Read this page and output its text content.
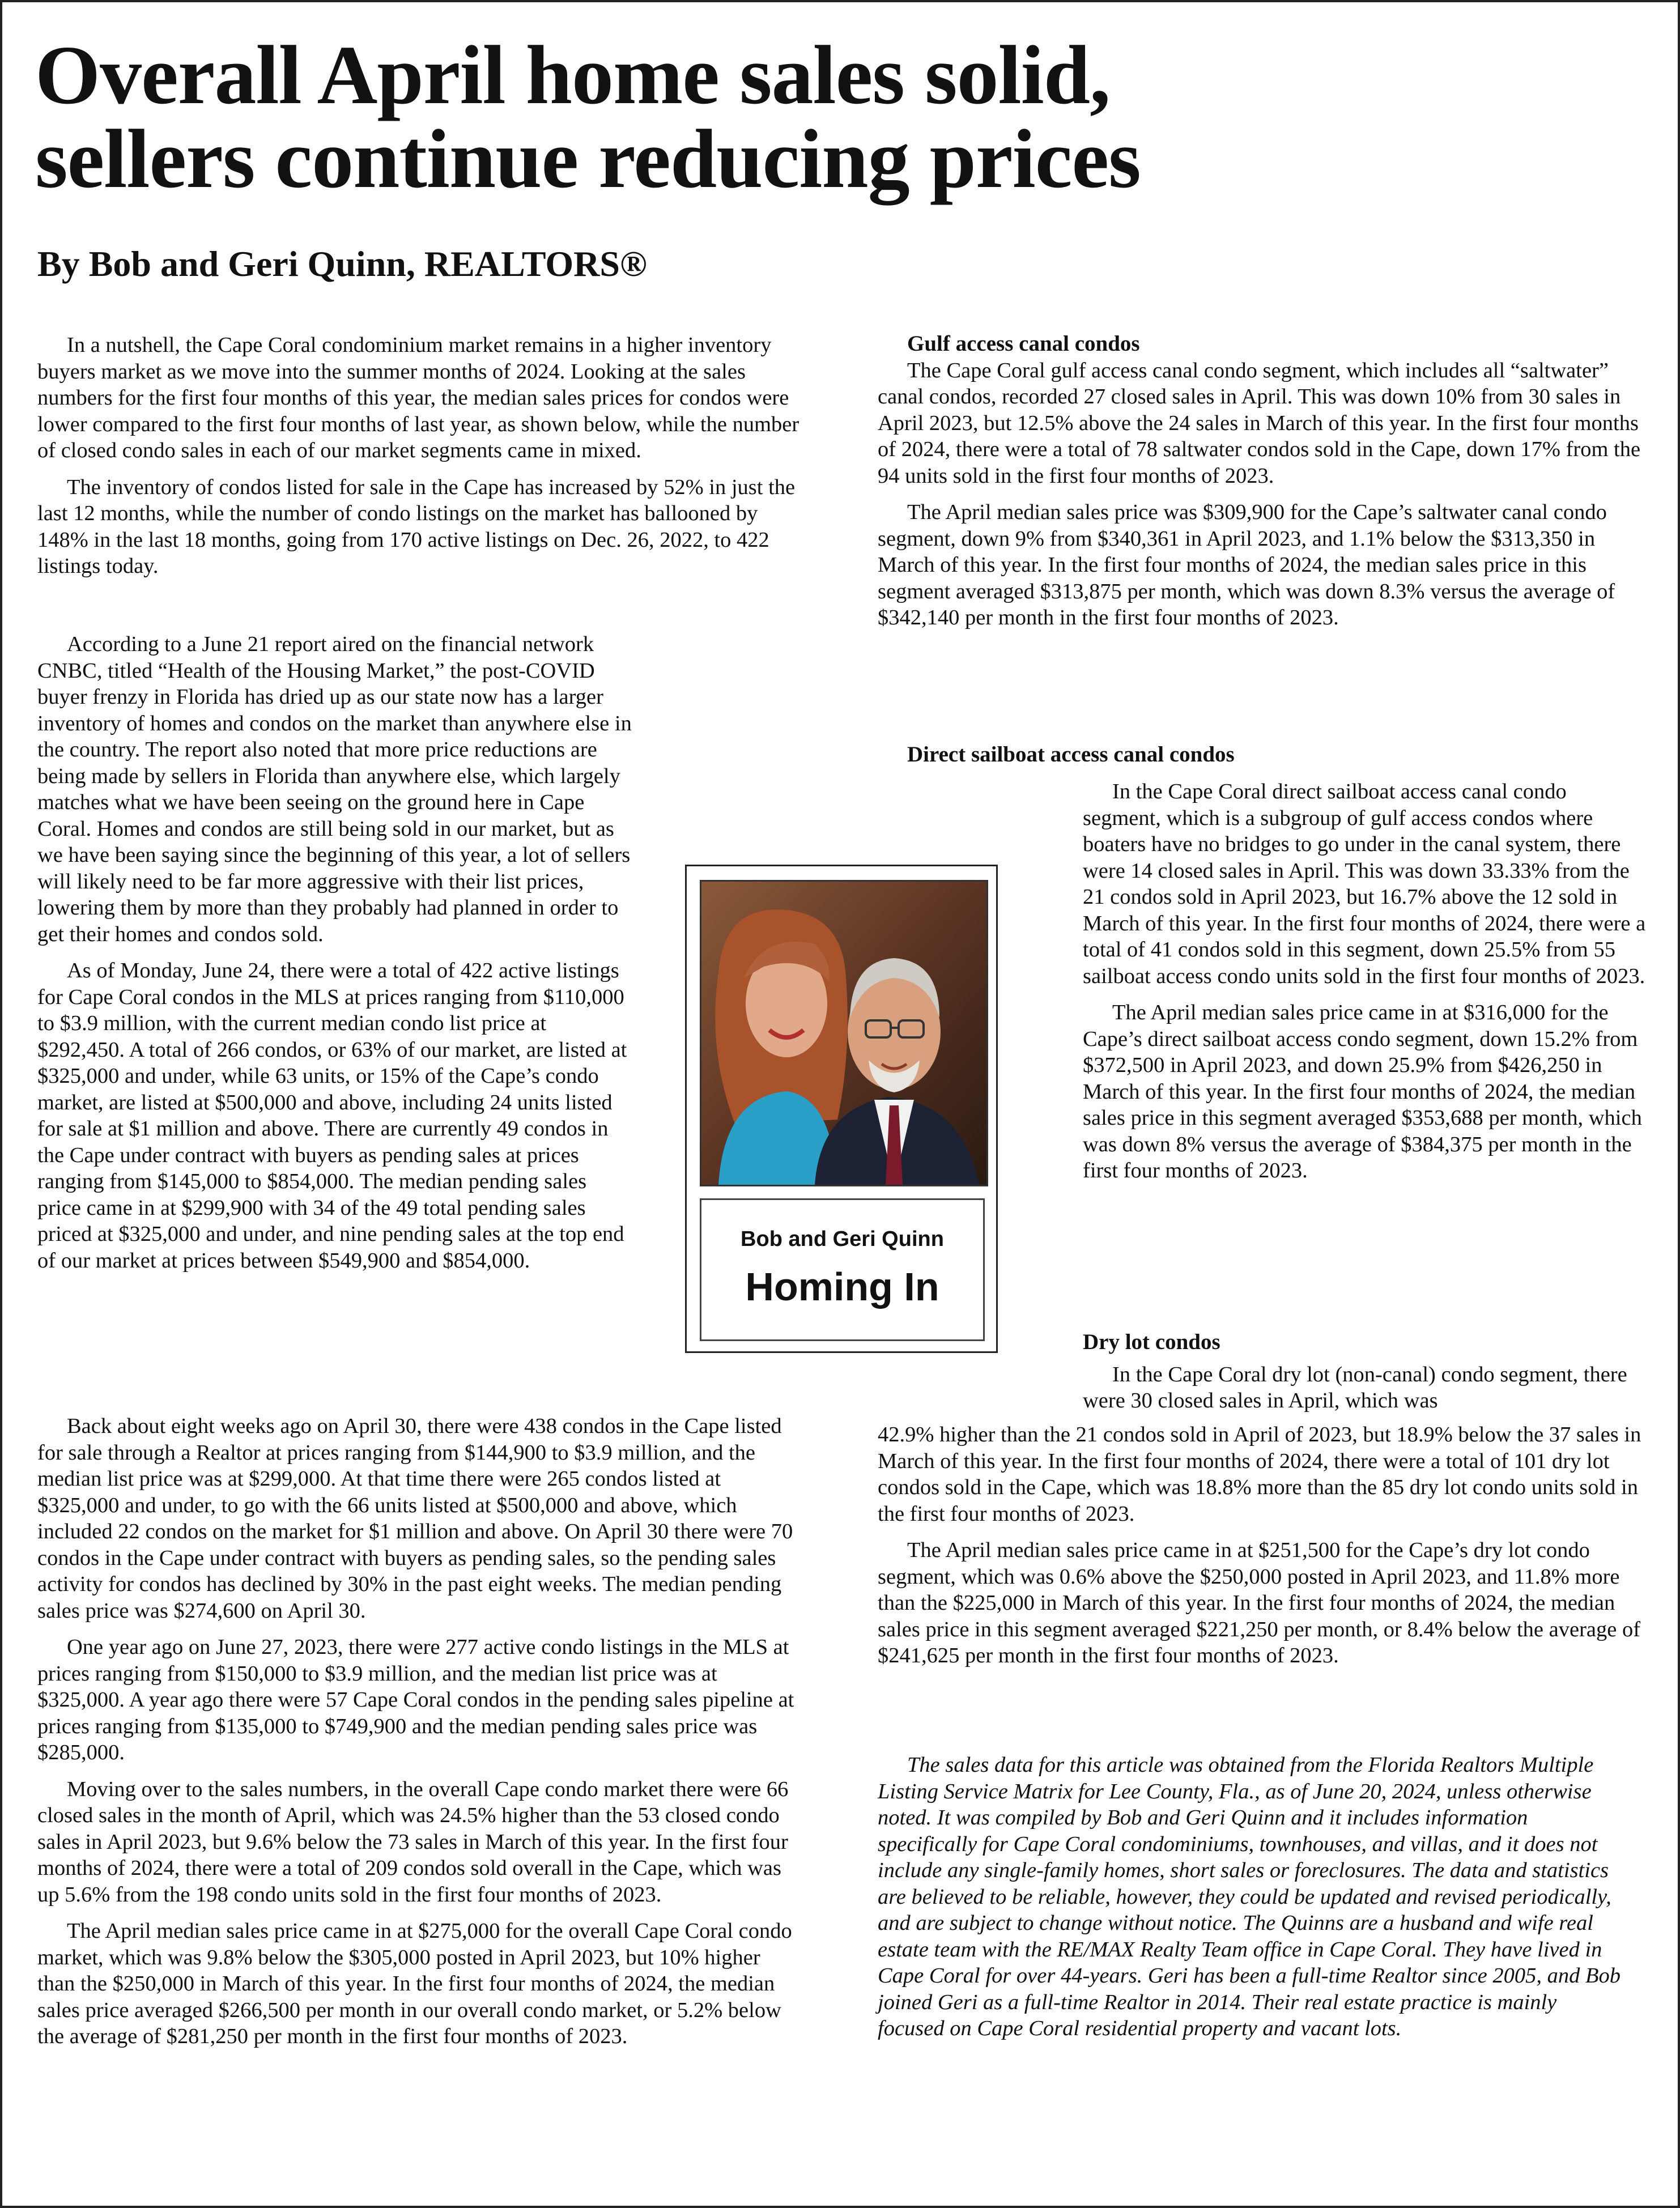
Overall April home sales solid,
sellers continue reducing prices
By Bob and Geri Quinn, REALTORS®

In a nutshell, the Cape Coral condominium market remains in a higher inventory buyers market as we move into the summer months of 2024. Looking at the sales numbers for the first four months of this year, the median sales prices for condos were lower compared to the first four months of last year, as shown below, while the number of closed condo sales in each of our market segments came in mixed.

The inventory of condos listed for sale in the Cape has increased by 52% in just the last 12 months, while the number of condo listings on the market has ballooned by 148% in the last 18 months, going from 170 active listings on Dec. 26, 2022, to 422 listings today.

According to a June 21 report aired on the financial network CNBC, titled “Health of the Housing Market,” the post-COVID buyer frenzy in Florida has dried up as our state now has a larger inventory of homes and condos on the market than anywhere else in the country. The report also noted that more price reductions are being made by sellers in Florida than anywhere else, which largely matches what we have been seeing on the ground here in Cape Coral. Homes and condos are still being sold in our market, but as we have been saying since the beginning of this year, a lot of sellers will likely need to be far more aggressive with their list prices, lowering them by more than they probably had planned in order to get their homes and condos sold.

As of Monday, June 24, there were a total of 422 active listings for Cape Coral condos in the MLS at prices ranging from $110,000 to $3.9 million, with the current median condo list price at $292,450. A total of 266 condos, or 63% of our market, are listed at $325,000 and under, while 63 units, or 15% of the Cape’s condo market, are listed at $500,000 and above, including 24 units listed for sale at $1 million and above. There are currently 49 condos in the Cape under contract with buyers as pending sales at prices ranging from $145,000 to $854,000. The median pending sales price came in at $299,900 with 34 of the 49 total pending sales priced at $325,000 and under, and nine pending sales at the top end of our market at prices between $549,900 and $854,000.

Back about eight weeks ago on April 30, there were 438 condos in the Cape listed for sale through a Realtor at prices ranging from $144,900 to $3.9 million, and the median list price was at $299,000. At that time there were 265 condos listed at $325,000 and under, to go with the 66 units listed at $500,000 and above, which included 22 condos on the market for $1 million and above. On April 30 there were 70 condos in the Cape under contract with buyers as pending sales, so the pending sales activity for condos has declined by 30% in the past eight weeks. The median pending sales price was $274,600 on April 30.

One year ago on June 27, 2023, there were 277 active condo listings in the MLS at prices ranging from $150,000 to $3.9 million, and the median list price was at $325,000. A year ago there were 57 Cape Coral condos in the pending sales pipeline at prices ranging from $135,000 to $749,900 and the median pending sales price was $285,000.

Moving over to the sales numbers, in the overall Cape condo market there were 66 closed sales in the month of April, which was 24.5% higher than the 53 closed condo sales in April 2023, but 9.6% below the 73 sales in March of this year. In the first four months of 2024, there were a total of 209 condos sold overall in the Cape, which was up 5.6% from the 198 condo units sold in the first four months of 2023.

The April median sales price came in at $275,000 for the overall Cape Coral condo market, which was 9.8% below the $305,000 posted in April 2023, but 10% higher than the $250,000 in March of this year. In the first four months of 2024, the median sales price averaged $266,500 per month in our overall condo market, or 5.2% below the average of $281,250 per month in the first four months of 2023.

Gulf access canal condos

The Cape Coral gulf access canal condo segment, which includes all “saltwater” canal condos, recorded 27 closed sales in April. This was down 10% from 30 sales in April 2023, but 12.5% above the 24 sales in March of this year. In the first four months of 2024, there were a total of 78 saltwater condos sold in the Cape, down 17% from the 94 units sold in the first four months of 2023.

The April median sales price was $309,900 for the Cape’s saltwater canal condo segment, down 9% from $340,361 in April 2023, and 1.1% below the $313,350 in March of this year. In the first four months of 2024, the median sales price in this segment averaged $313,875 per month, which was down 8.3% versus the average of $342,140 per month in the first four months of 2023.

Direct sailboat access canal condos

In the Cape Coral direct sailboat access canal condo segment, which is a subgroup of gulf access condos where boaters have no bridges to go under in the canal system, there were 14 closed sales in April. This was down 33.33% from the 21 condos sold in April 2023, but 16.7% above the 12 sold in March of this year. In the first four months of 2024, there were a total of 41 condos sold in this segment, down 25.5% from 55 sailboat access condo units sold in the first four months of 2023.

The April median sales price came in at $316,000 for the Cape’s direct sailboat access condo segment, down 15.2% from $372,500 in April 2023, and down 25.9% from $426,250 in March of this year. In the first four months of 2024, the median sales price in this segment averaged $353,688 per month, which was down 8% versus the average of $384,375 per month in the first four months of 2023.

Dry lot condos

In the Cape Coral dry lot (non-canal) condo segment, there were 30 closed sales in April, which was

42.9% higher than the 21 condos sold in April of 2023, but 18.9% below the 37 sales in March of this year. In the first four months of 2024, there were a total of 101 dry lot condos sold in the Cape, which was 18.8% more than the 85 dry lot condo units sold in the first four months of 2023.

The April median sales price came in at $251,500 for the Cape’s dry lot condo segment, which was 0.6% above the $250,000 posted in April 2023, and 11.8% more than the $225,000 in March of this year. In the first four months of 2024, the median sales price in this segment averaged $221,250 per month, or 8.4% below the average of $241,625 per month in the first four months of 2023.

The sales data for this article was obtained from the Florida Realtors Multiple Listing Service Matrix for Lee County, Fla., as of June 20, 2024, unless otherwise noted. It was compiled by Bob and Geri Quinn and it includes information specifically for Cape Coral condominiums, townhouses, and villas, and it does not include any single-family homes, short sales or foreclosures. The data and statistics are believed to be reliable, however, they could be updated and revised periodically, and are subject to change without notice. The Quinns are a husband and wife real estate team with the RE/MAX Realty Team office in Cape Coral. They have lived in Cape Coral for over 44-years. Geri has been a full-time Realtor since 2005, and Bob joined Geri as a full-time Realtor in 2014. Their real estate practice is mainly focused on Cape Coral residential property and vacant lots.

Bob and Geri Quinn
Homing In
